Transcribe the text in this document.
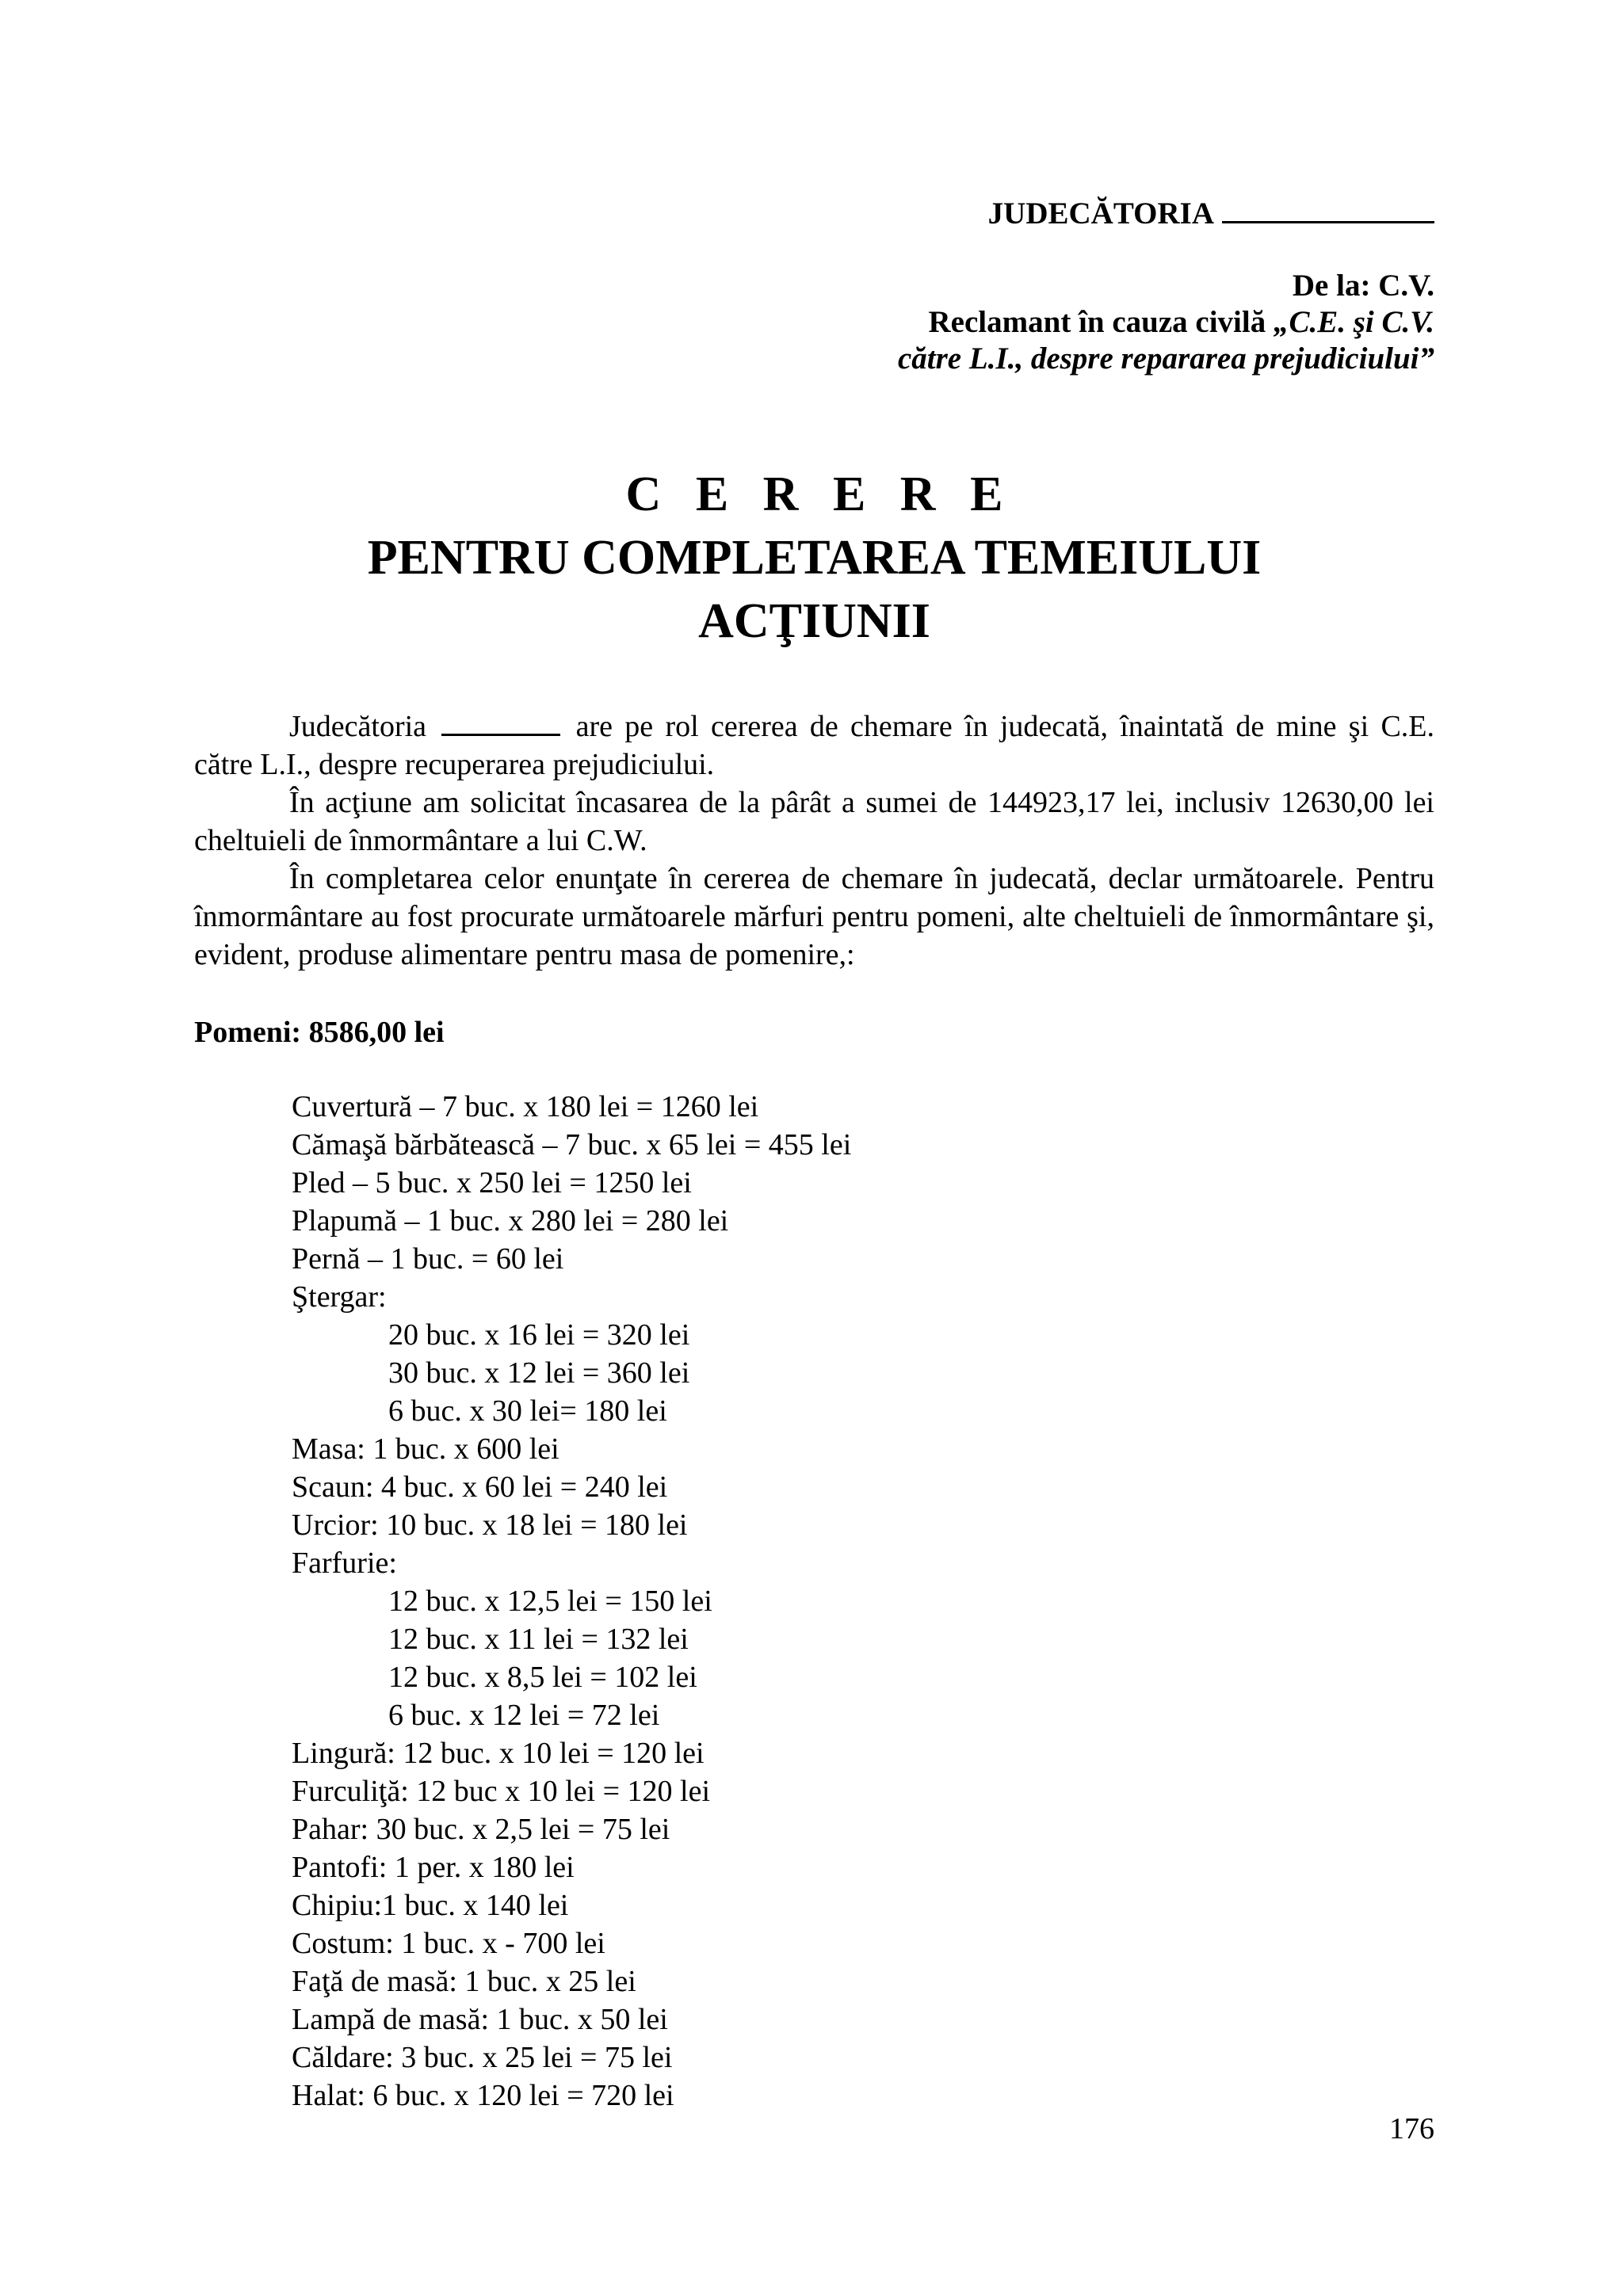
JUDECĂTORIA
De la: C.V.
Reclamant în cauza civilă „C.E. şi C.V.
către L.I., despre repararea prejudiciului”
C E R E R E
PENTRU COMPLETAREA TEMEIULUI
ACŢIUNII

Judecătoria	are pe rol cererea de chemare în judecată, înaintată de mine şi C.E. către L.I., despre recuperarea prejudiciului.

În acţiune am solicitat încasarea de la pârât a sumei de 144923,17 lei, inclusiv 12630,00 lei cheltuieli de înmormântare a lui C.W.

În completarea celor enunţate în cererea de chemare în judecată, declar următoarele. Pentru înmormântare au fost procurate următoarele mărfuri pentru pomeni, alte cheltuieli de înmormântare şi, evident, produse alimentare pentru masa de pomenire,:

Pomeni: 8586,00 lei
Cuvertură – 7 buc. x 180 lei = 1260 lei
Cămaşă bărbătească – 7 buc. x 65 lei = 455 lei
Pled – 5 buc. x 250 lei = 1250 lei
Plapumă – 1 buc. x 280 lei = 280 lei
Pernă – 1 buc. = 60 lei
Ştergar:
20 buc. x 16 lei = 320 lei
30 buc. x 12 lei = 360 lei
6 buc. x 30 lei= 180 lei
Masa: 1 buc. x 600 lei
Scaun: 4 buc. x 60 lei = 240 lei
Urcior: 10 buc. x 18 lei = 180 lei
Farfurie:
12 buc. x 12,5 lei = 150 lei
12 buc. x 11 lei = 132 lei
12 buc. x 8,5 lei = 102 lei
6 buc. x 12 lei = 72 lei
Lingură: 12 buc. x 10 lei = 120 lei
Furculiţă: 12 buc x 10 lei = 120 lei
Pahar: 30 buc. x 2,5 lei = 75 lei
Pantofi: 1 per. x 180 lei
Chipiu:1 buc. x 140 lei
Costum: 1 buc. x - 700 lei
Faţă de masă: 1 buc. x 25 lei
Lampă de masă: 1 buc. x 50 lei
Căldare: 3 buc. x 25 lei = 75 lei
Halat: 6 buc. x 120 lei = 720 lei
176
